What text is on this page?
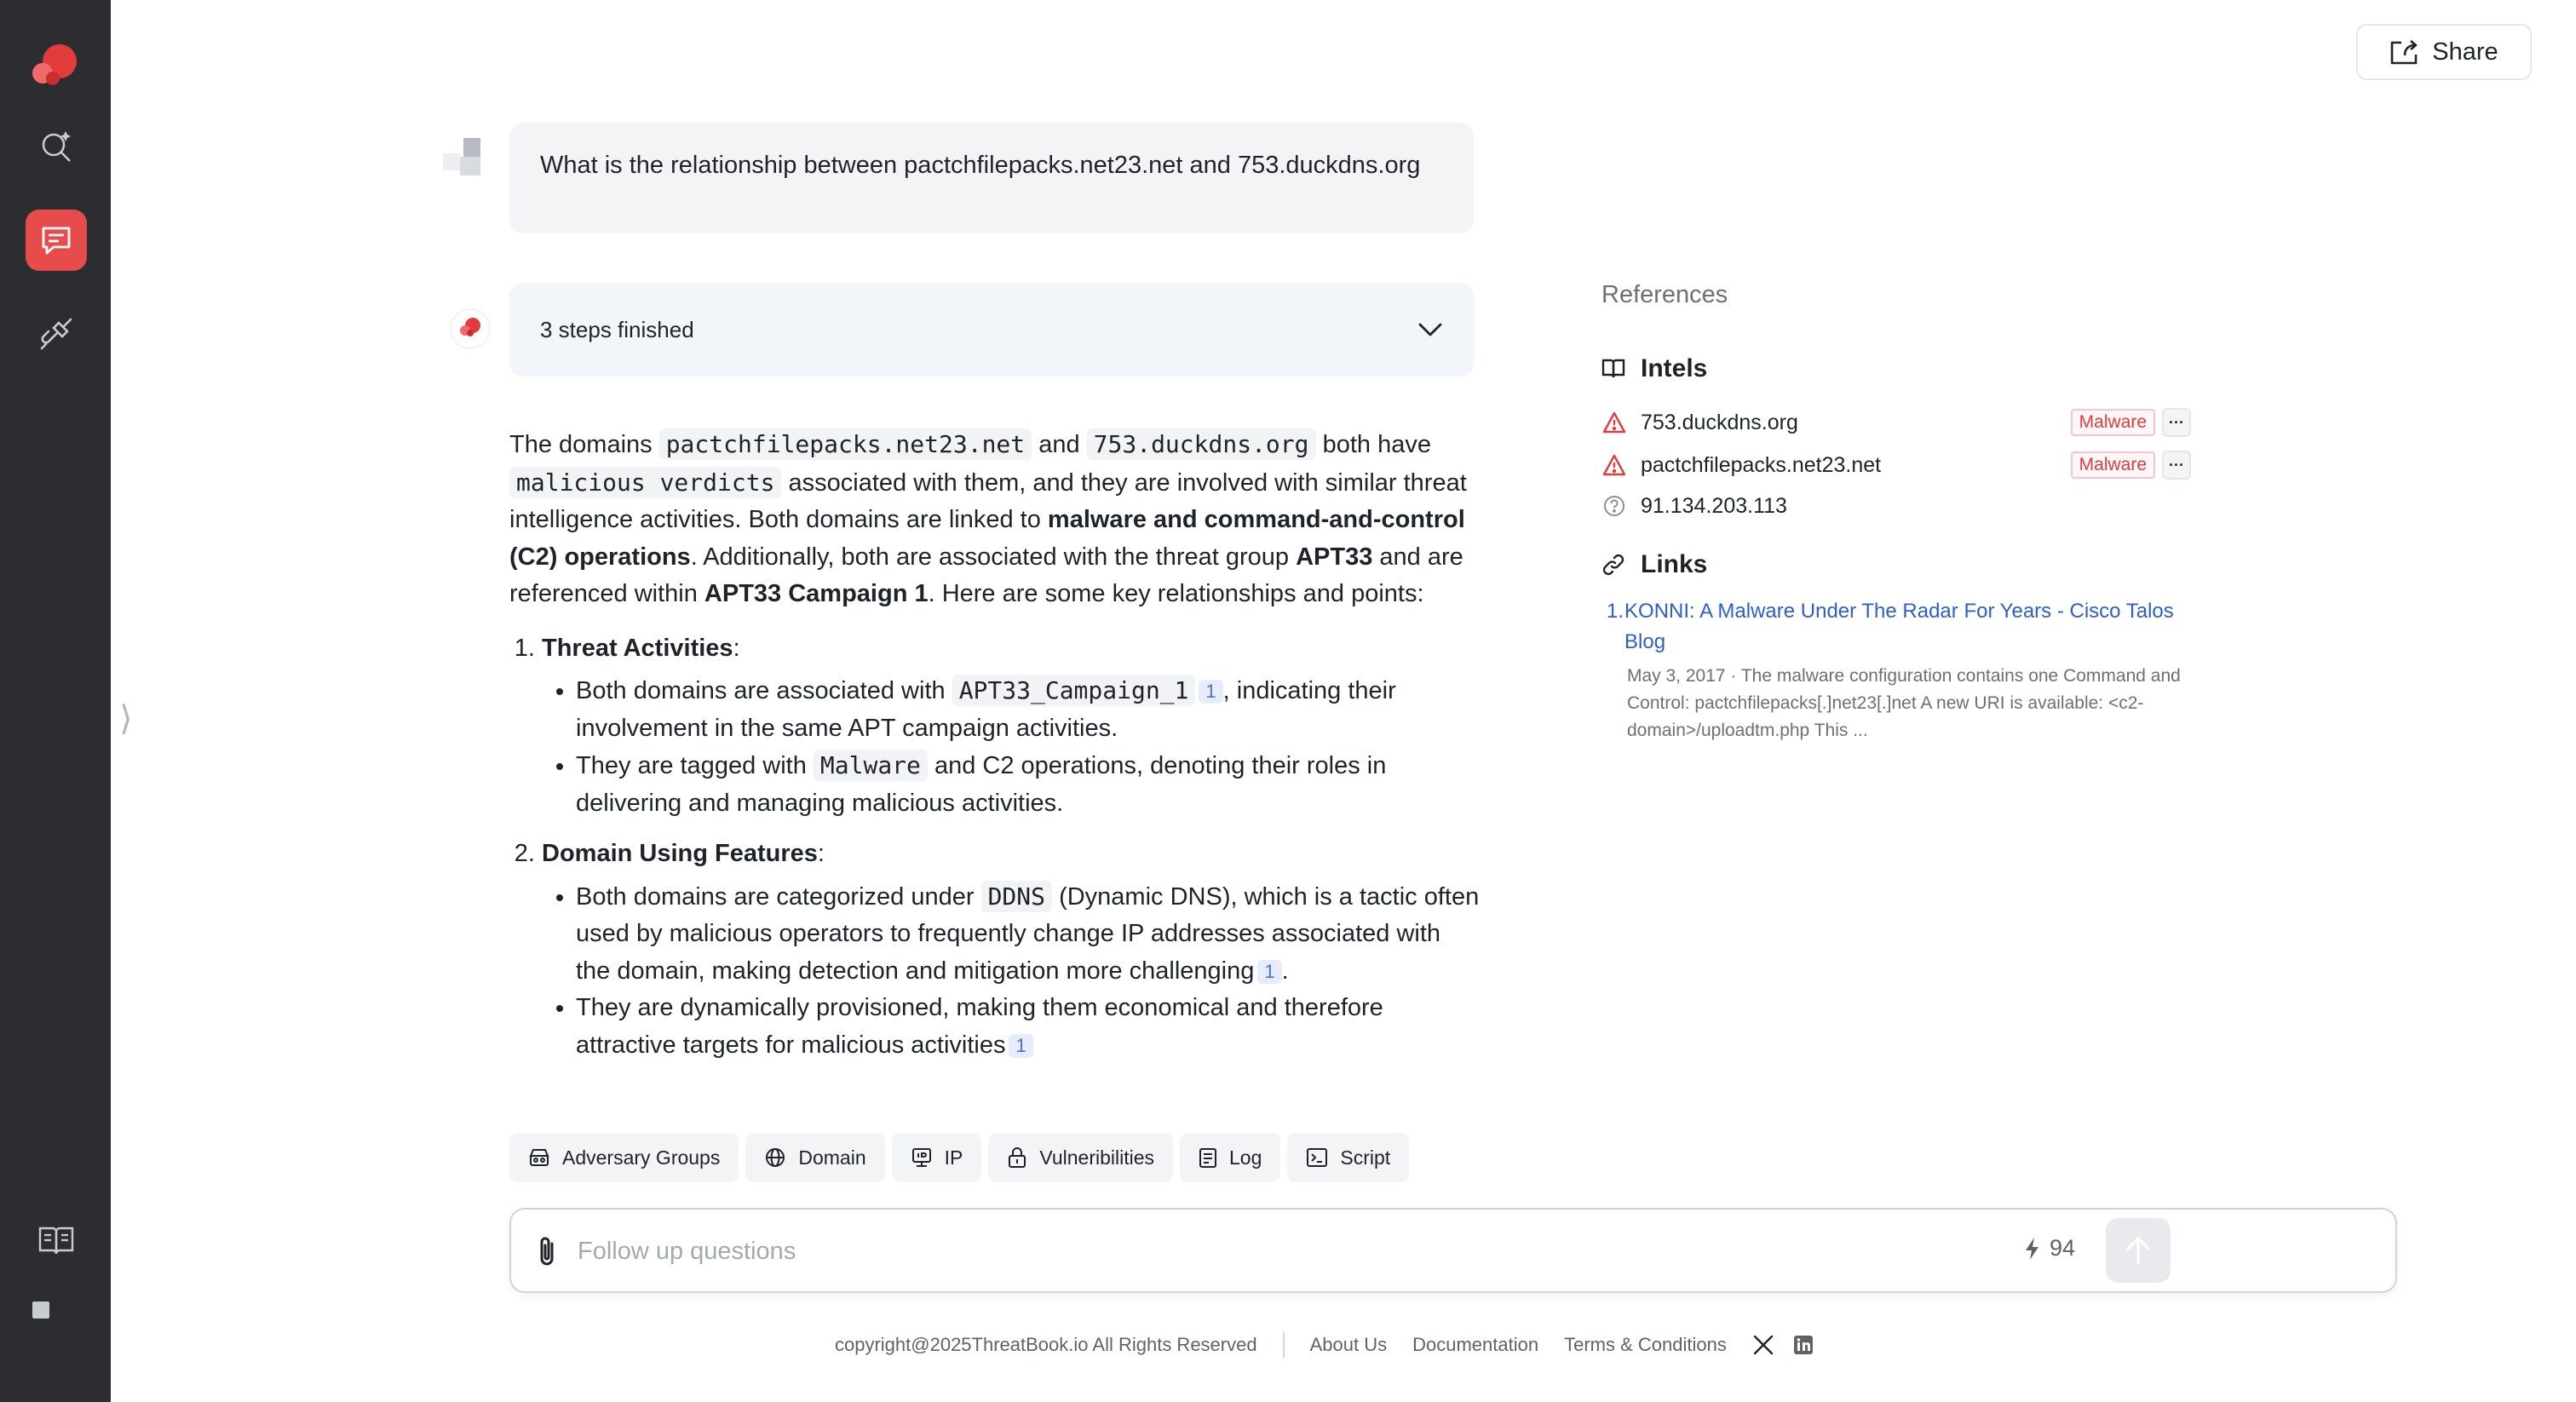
⟩
Share
What is the relationship between pactchfilepacks.net23.net and 753.duckdns.org
3 steps finished

The domains pactchfilepacks.net23.net and 753.duckdns.org both have malicious verdicts associated with them, and they are involved with similar threat intelligence activities. Both domains are linked to malware and command-and-control (C2) operations. Additionally, both are associated with the threat group APT33 and are referenced within APT33 Campaign 1. Here are some key relationships and points:

1. Threat Activities:
• Both domains are associated with APT33_Campaign_1 1 , indicating their involvement in the same APT campaign activities.
• They are tagged with Malware and C2 operations, denoting their roles in delivering and managing malicious activities.
2. Domain Using Features:
• Both domains are categorized under DDNS (Dynamic DNS), which is a tactic often used by malicious operators to frequently change IP addresses associated with the domain, making detection and mitigation more challenging 1 .
• They are dynamically provisioned, making them economical and therefore attractive targets for malicious activities 1
Adversary Groups	Domain	IP	Vulneribilities	Log	Script
Follow up questions
94
copyright@2025ThreatBook.io All Rights Reserved	About Us Documentation Terms & Conditions
References
Intels
753.duckdns.org	Malware	···
pactchfilepacks.net23.net	Malware	···
91.134.203.113
Links
1. KONNI: A Malware Under The Radar For Years - Cisco Talos Blog
May 3, 2017 · The malware configuration contains one Command and Control: pactchfilepacks[.]net23[.]net A new URI is available: <c2-domain>/uploadtm.php This ...
